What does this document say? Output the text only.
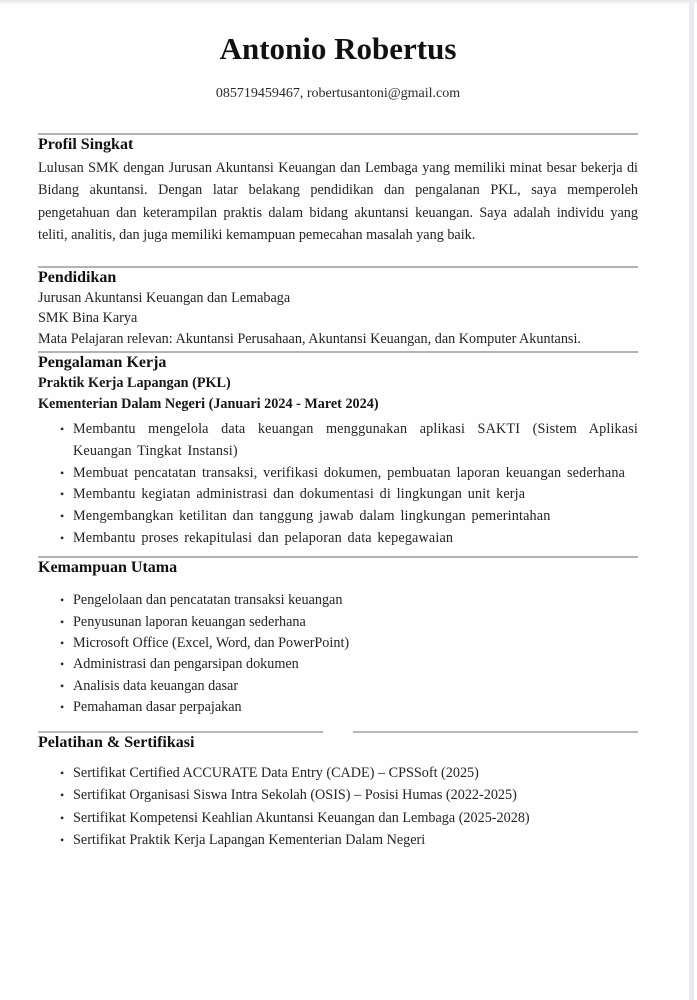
Antonio Robertus

085719459467, robertusantoni@gmail.com

Profil Singkat

Lulusan SMK dengan Jurusan Akuntansi Keuangan dan Lembaga yang memiliki minat besar bekerja di Bidang akuntansi. Dengan latar belakang pendidikan dan pengalanan PKL, saya memperoleh pengetahuan dan keterampilan praktis dalam bidang akuntansi keuangan. Saya adalah individu yang teliti, analitis, dan juga memiliki kemampuan pemecahan masalah yang baik.

Pendidikan

Jurusan Akuntansi Keuangan dan Lemabaga

SMK Bina Karya

Mata Pelajaran relevan: Akuntansi Perusahaan, Akuntansi Keuangan, dan Komputer Akuntansi.

Pengalaman Kerja

Praktik Kerja Lapangan (PKL)

Kementerian Dalam Negeri (Januari 2024 - Maret 2024)

• Membantu mengelola data keuangan menggunakan aplikasi SAKTI (Sistem Aplikasi Keuangan Tingkat Instansi)
• Membuat pencatatan transaksi, verifikasi dokumen, pembuatan laporan keuangan sederhana
• Membantu kegiatan administrasi dan dokumentasi di lingkungan unit kerja
• Mengembangkan ketilitan dan tanggung jawab dalam lingkungan pemerintahan
• Membantu proses rekapitulasi dan pelaporan data kepegawaian
Kemampuan Utama
• Pengelolaan dan pencatatan transaksi keuangan
• Penyusunan laporan keuangan sederhana
• Microsoft Office (Excel, Word, dan PowerPoint)
• Administrasi dan pengarsipan dokumen
• Analisis data keuangan dasar
• Pemahaman dasar perpajakan
Pelatihan & Sertifikasi
• Sertifikat Certified ACCURATE Data Entry (CADE) – CPSSoft (2025)
• Sertifikat Organisasi Siswa Intra Sekolah (OSIS) – Posisi Humas (2022-2025)
• Sertifikat Kompetensi Keahlian Akuntansi Keuangan dan Lembaga (2025-2028)
• Sertifikat Praktik Kerja Lapangan Kementerian Dalam Negeri
